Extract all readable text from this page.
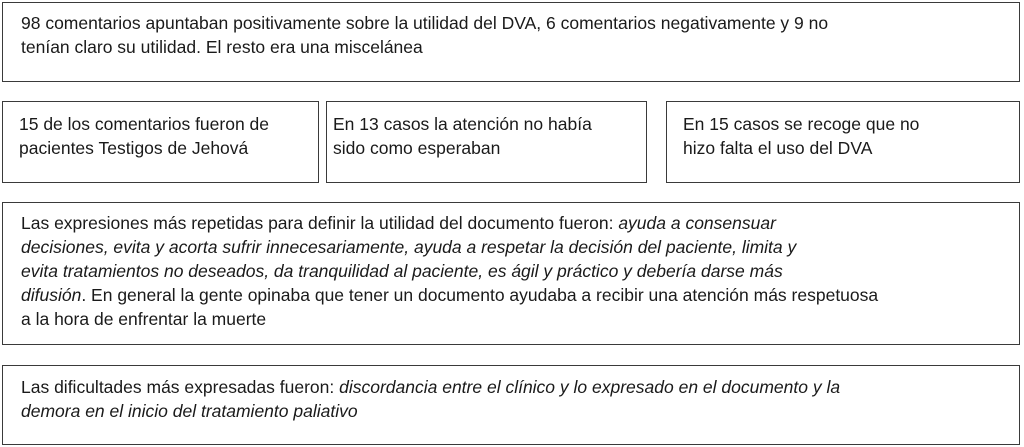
98 comentarios apuntaban positivamente sobre la utilidad del DVA, 6 comentarios negativamente y 9 no
tenían claro su utilidad. El resto era una miscelánea
15 de los comentarios fueron de
pacientes Testigos de Jehová
En 13 casos la atención no había
sido como esperaban
En 15 casos se recoge que no
hizo falta el uso del DVA
Las expresiones más repetidas para definir la utilidad del documento fueron: ayuda a consensuar
decisiones, evita y acorta sufrir innecesariamente, ayuda a respetar la decisión del paciente, limita y
evita tratamientos no deseados, da tranquilidad al paciente, es ágil y práctico y debería darse más
difusión. En general la gente opinaba que tener un documento ayudaba a recibir una atención más respetuosa
a la hora de enfrentar la muerte
Las dificultades más expresadas fueron: discordancia entre el clínico y lo expresado en el documento y la
demora en el inicio del tratamiento paliativo
